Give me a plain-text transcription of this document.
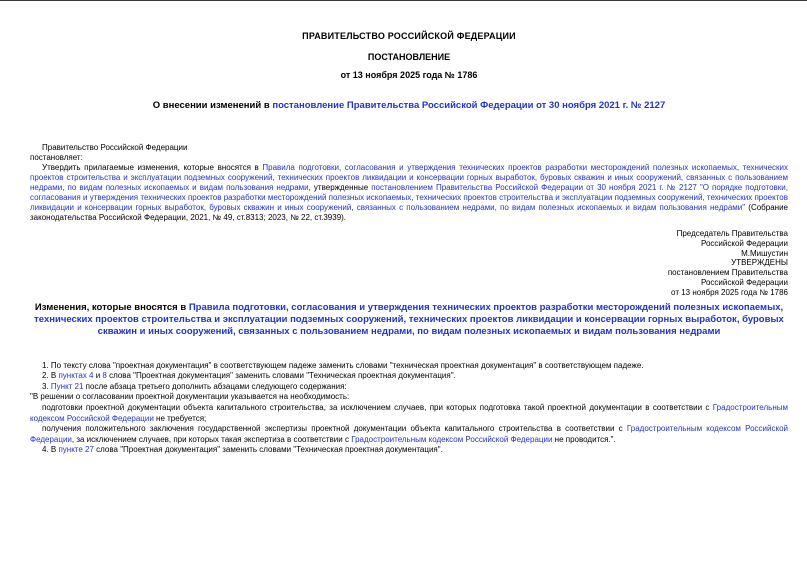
ПРАВИТЕЛЬСТВО РОССИЙСКОЙ ФЕДЕРАЦИИ
ПОСТАНОВЛЕНИЕ
от 13 ноября 2025 года № 1786
О внесении изменений в постановление Правительства Российской Федерации от 30 ноября 2021 г. № 2127
Правительство Российской Федерации
постановляет:
Утвердить прилагаемые изменения, которые вносятся в Правила подготовки, согласования и утверждения технических проектов разработки месторождений полезных ископаемых, технических проектов строительства и эксплуатации подземных сооружений, технических проектов ликвидации и консервации горных выработок, буровых скважин и иных сооружений, связанных с пользованием недрами, по видам полезных ископаемых и видам пользования недрами, утвержденные постановлением Правительства Российской Федерации от 30 ноября 2021 г. № 2127 "О порядке подготовки, согласования и утверждения технических проектов разработки месторождений полезных ископаемых, технических проектов строительства и эксплуатации подземных сооружений, технических проектов ликвидации и консервации горных выработок, буровых скважин и иных сооружений, связанных с пользованием недрами, по видам полезных ископаемых и видам пользования недрами" (Собрание законодательства Российской Федерации, 2021, № 49, ст.8313; 2023, № 22, ст.3939).
Председатель Правительства
Российской Федерации
М.Мишустин
УТВЕРЖДЕНЫ
постановлением Правительства
Российской Федерации
от 13 ноября 2025 года № 1786
Изменения, которые вносятся в Правила подготовки, согласования и утверждения технических проектов разработки месторождений полезных ископаемых, технических проектов строительства и эксплуатации подземных сооружений, технических проектов ликвидации и консервации горных выработок, буровых скважин и иных сооружений, связанных с пользованием недрами, по видам полезных ископаемых и видам пользования недрами
1. По тексту слова "проектная документация" в соответствующем падеже заменить словами "техническая проектная документация" в соответствующем падеже.
2. В пунктах 4 и 8 слова "Проектная документация" заменить словами "Техническая проектная документация".
3. Пункт 21 после абзаца третьего дополнить абзацами следующего содержания:
"В решении о согласовании проектной документации указывается на необходимость:
подготовки проектной документации объекта капитального строительства, за исключением случаев, при которых подготовка такой проектной документации в соответствии с Градостроительным кодексом Российской Федерации не требуется;
получения положительного заключения государственной экспертизы проектной документации объекта капитального строительства в соответствии с Градостроительным кодексом Российской Федерации, за исключением случаев, при которых такая экспертиза в соответствии с Градостроительным кодексом Российской Федерации не проводится.".
4. В пункте 27 слова "Проектная документация" заменить словами "Техническая проектная документация".
